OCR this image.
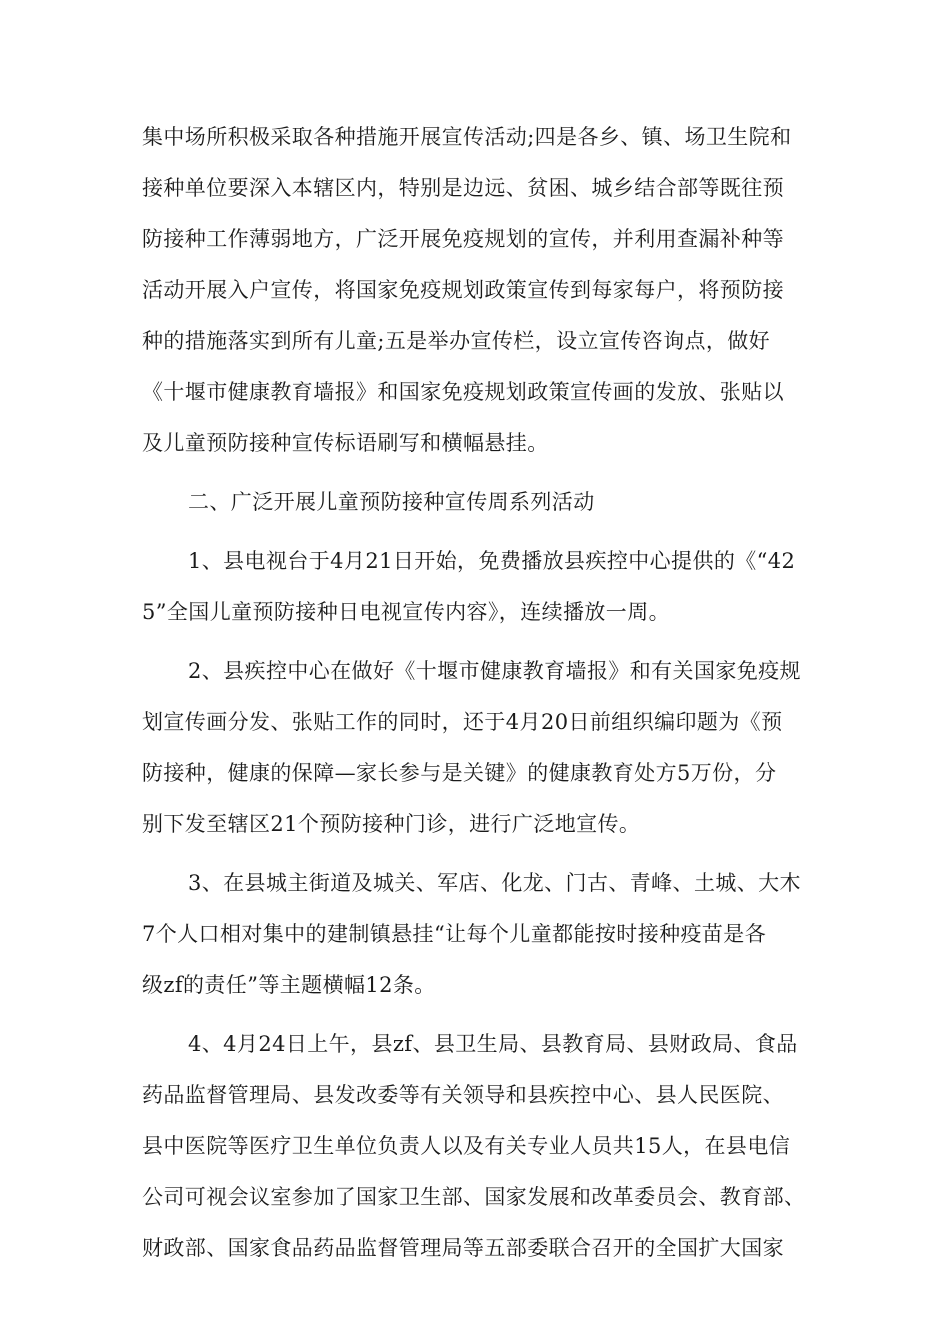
集中场所积极采取各种措施开展宣传活动;四是各乡、镇、场卫生院和
接种单位要深入本辖区内，特别是边远、贫困、城乡结合部等既往预
防接种工作薄弱地方，广泛开展免疫规划的宣传，并利用查漏补种等
活动开展入户宣传，将国家免疫规划政策宣传到每家每户，将预防接
种的措施落实到所有儿童;五是举办宣传栏，设立宣传咨询点，做好
《十堰市健康教育墙报》和国家免疫规划政策宣传画的发放、张贴以
及儿童预防接种宣传标语刷写和横幅悬挂。
二、广泛开展儿童预防接种宣传周系列活动
1、县电视台于4月21日开始，免费播放县疾控中心提供的《“42
5”全国儿童预防接种日电视宣传内容》，连续播放一周。
2、县疾控中心在做好《十堰市健康教育墙报》和有关国家免疫规
划宣传画分发、张贴工作的同时，还于4月20日前组织编印题为《预
防接种，健康的保障—家长参与是关键》的健康教育处方5万份，分
别下发至辖区21个预防接种门诊，进行广泛地宣传。
3、在县城主街道及城关、军店、化龙、门古、青峰、土城、大木
7个人口相对集中的建制镇悬挂“让每个儿童都能按时接种疫苗是各
级zf的责任”等主题横幅12条。
4、4月24日上午，县zf、县卫生局、县教育局、县财政局、食品
药品监督管理局、县发改委等有关领导和县疾控中心、县人民医院、
县中医院等医疗卫生单位负责人以及有关专业人员共15人，在县电信
公司可视会议室参加了国家卫生部、国家发展和改革委员会、教育部、
财政部、国家食品药品监督管理局等五部委联合召开的全国扩大国家
